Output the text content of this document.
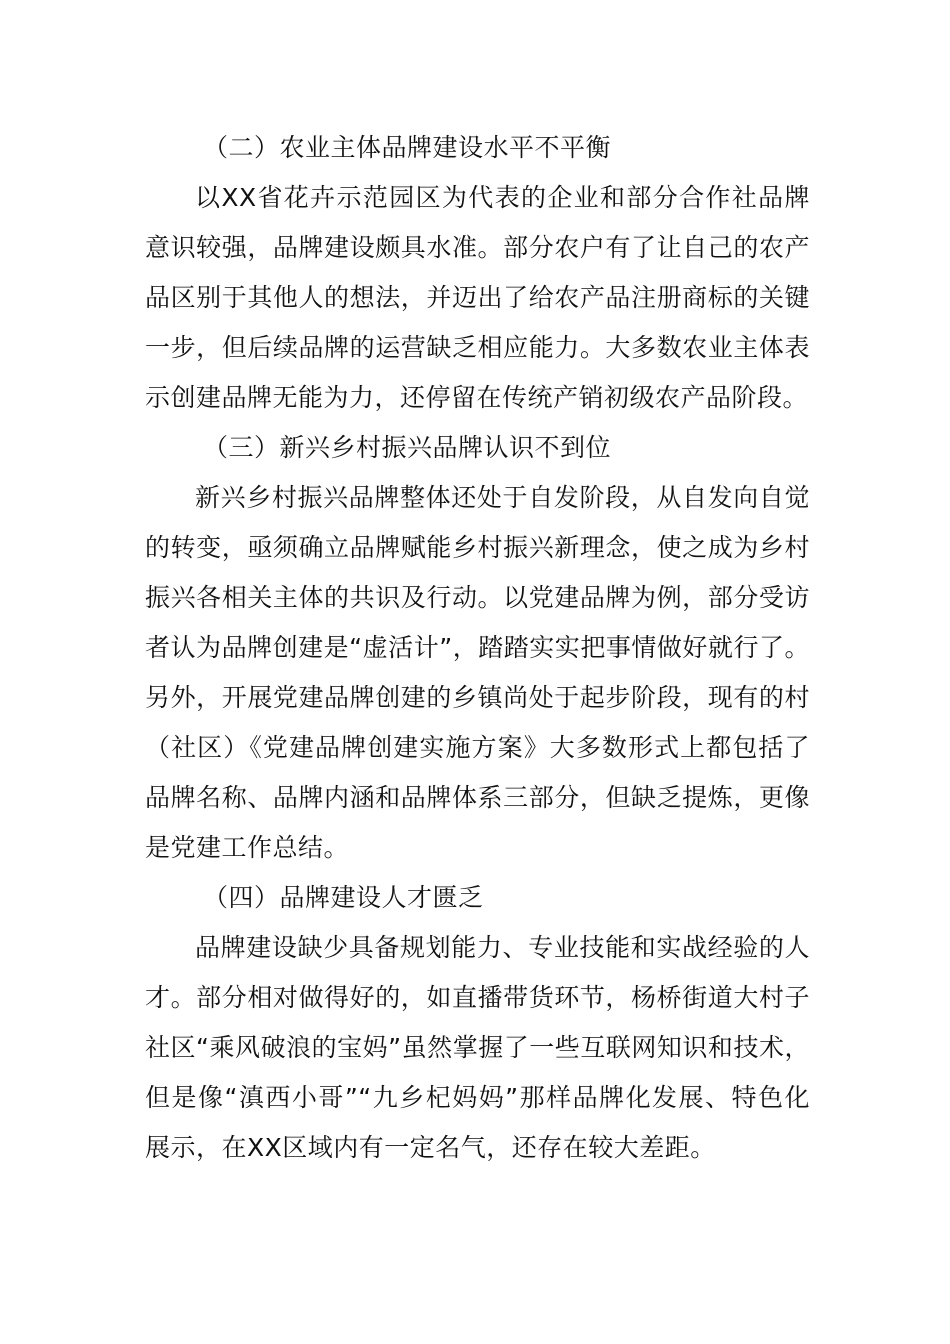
（二）农业主体品牌建设水平不平衡

以XX省花卉示范园区为代表的企业和部分合作社品牌意识较强，品牌建设颇具水准。部分农户有了让自己的农产品区别于其他人的想法，并迈出了给农产品注册商标的关键一步，但后续品牌的运营缺乏相应能力。大多数农业主体表示创建品牌无能为力，还停留在传统产销初级农产品阶段。

（三）新兴乡村振兴品牌认识不到位

新兴乡村振兴品牌整体还处于自发阶段，从自发向自觉的转变，亟须确立品牌赋能乡村振兴新理念，使之成为乡村振兴各相关主体的共识及行动。以党建品牌为例，部分受访者认为品牌创建是“虚活计”，踏踏实实把事情做好就行了。另外，开展党建品牌创建的乡镇尚处于起步阶段，现有的村（社区）《党建品牌创建实施方案》大多数形式上都包括了品牌名称、品牌内涵和品牌体系三部分，但缺乏提炼，更像是党建工作总结。

（四）品牌建设人才匮乏

品牌建设缺少具备规划能力、专业技能和实战经验的人才。部分相对做得好的，如直播带货环节，杨桥街道大村子社区“乘风破浪的宝妈”虽然掌握了一些互联网知识和技术，但是像“滇西小哥”“九乡杞妈妈”那样品牌化发展、特色化展示，在XX区域内有一定名气，还存在较大差距。
